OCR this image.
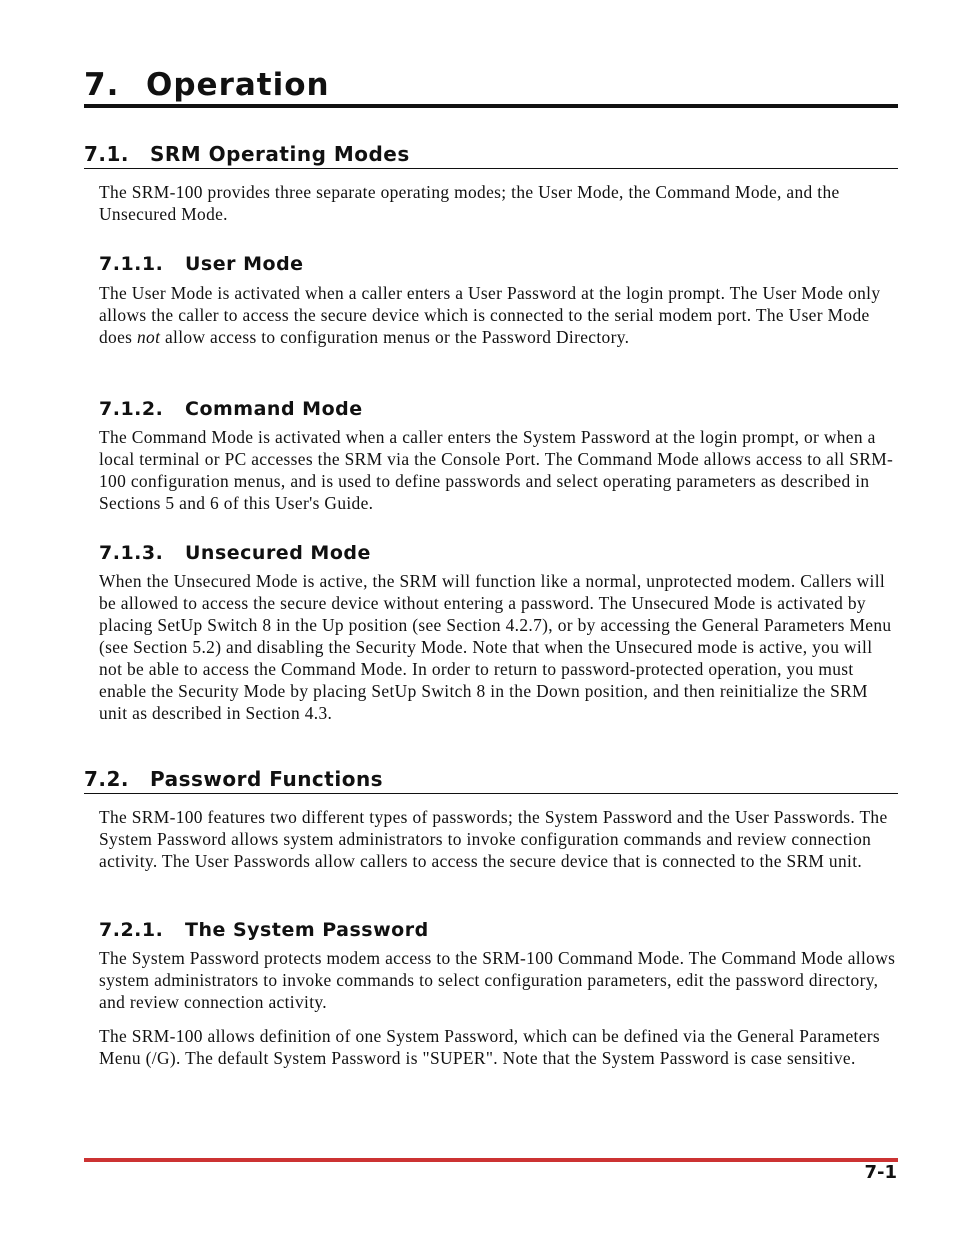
7. Operation
7.1. SRM Operating Modes

The SRM-100 provides three separate operating modes; the User Mode, the Command Mode, and the Unsecured Mode.

7.1.1. User Mode

The User Mode is activated when a caller enters a User Password at the login prompt. The User Mode only allows the caller to access the secure device which is connected to the serial modem port. The User Mode does not allow access to configuration menus or the Password Directory.

7.1.2. Command Mode

The Command Mode is activated when a caller enters the System Password at the login prompt, or when a local terminal or PC accesses the SRM via the Console Port. The Command Mode allows access to all SRM-100 configuration menus, and is used to define passwords and select operating parameters as described in Sections 5 and 6 of this User's Guide.

7.1.3. Unsecured Mode

When the Unsecured Mode is active, the SRM will function like a normal, unprotected modem. Callers will be allowed to access the secure device without entering a password. The Unsecured Mode is activated by placing SetUp Switch 8 in the Up position (see Section 4.2.7), or by accessing the General Parameters Menu (see Section 5.2) and disabling the Security Mode. Note that when the Unsecured mode is active, you will not be able to access the Command Mode. In order to return to password-protected operation, you must enable the Security Mode by placing SetUp Switch 8 in the Down position, and then reinitialize the SRM unit as described in Section 4.3.

7.2. Password Functions

The SRM-100 features two different types of passwords; the System Password and the User Passwords. The System Password allows system administrators to invoke configuration commands and review connection activity. The User Passwords allow callers to access the secure device that is connected to the SRM unit.

7.2.1. The System Password

The System Password protects modem access to the SRM-100 Command Mode. The Command Mode allows system administrators to invoke commands to select configuration parameters, edit the password directory, and review connection activity.

The SRM-100 allows definition of one System Password, which can be defined via the General Parameters Menu (/G). The default System Password is "SUPER". Note that the System Password is case sensitive.

7-1
